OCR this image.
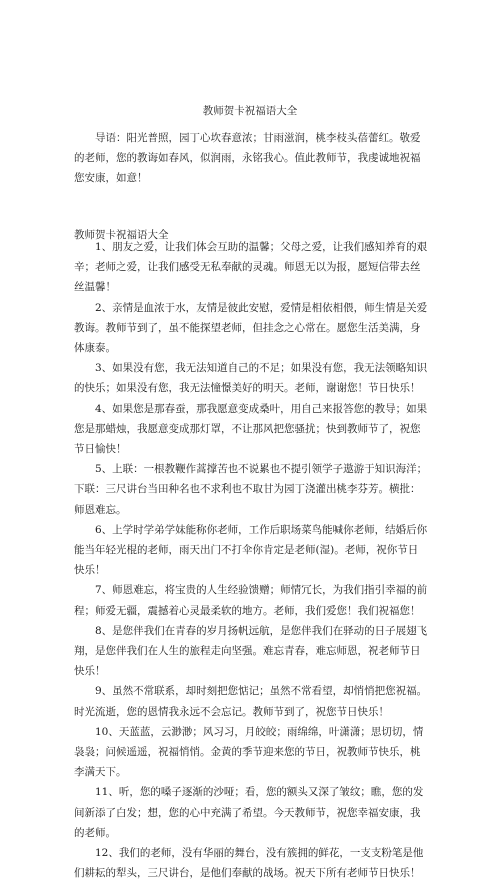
教师贺卡祝福语大全

导语：阳光普照，园丁心坎春意浓；甘雨滋润，桃李枝头蓓蕾红。敬爱的老师，您的教诲如春风，似润雨，永铭我心。值此教师节，我虔诚地祝福您安康，如意！

教师贺卡祝福语大全

1、朋友之爱，让我们体会互助的温馨；父母之爱，让我们感知养育的艰辛；老师之爱，让我们感受无私奉献的灵魂。师恩无以为报，愿短信带去丝丝温馨！

2、亲情是血浓于水，友情是彼此安慰，爱情是相依相偎，师生情是关爱教诲。教师节到了，虽不能探望老师，但挂念之心常在。愿您生活美满，身体康泰。

3、如果没有您，我无法知道自己的不足；如果没有您，我无法领略知识的快乐；如果没有您，我无法憧憬美好的明天。老师，谢谢您！节日快乐！

4、如果您是那春蚕，那我愿意变成桑叶，用自己来报答您的教导；如果您是那蜡烛，我愿意变成那灯罩，不让那风把您骚扰；快到教师节了，祝您节日愉快！

5、上联：一根教鞭作蒿撑苦也不说累也不提引领学子遨游于知识海洋；下联：三尺讲台当田种名也不求利也不取甘为园丁浇灌出桃李芬芳。横批：师恩难忘。

6、上学时学弟学妹能称你老师，工作后职场菜鸟能喊你老师，结婚后你能当年轻光棍的老师，雨天出门不打伞你肯定是老师(湿)。老师，祝你节日快乐！

7、师恩难忘，将宝贵的人生经验馈赠；师情冗长，为我们指引幸福的前程；师爱无疆，震撼着心灵最柔软的地方。老师，我们爱您！我们祝福您！

8、是您伴我们在青春的岁月扬帆远航，是您伴我们在驿动的日子展翅飞翔，是您伴我们在人生的旅程走向坚强。难忘青春，难忘师恩，祝老师节日快乐！

9、虽然不常联系，却时刻把您惦记；虽然不常看望，却悄悄把您祝福。时光流逝，您的恩情我永远不会忘记。教师节到了，祝您节日快乐！

10、天蓝蓝，云渺渺；风习习，月皎皎；雨绵绵，叶潇潇；思切切，情袅袅；问候遥遥，祝福悄悄。金黄的季节迎来您的节日，祝教师节快乐，桃李满天下。

11、听，您的嗓子逐渐的沙哑；看，您的额头又深了皱纹；瞧，您的发间新添了白发；想，您的心中充满了希望。今天教师节，祝您幸福安康，我的老师。

12、我们的老师，没有华丽的舞台，没有簇拥的鲜花，一支支粉笔是他们耕耘的犁头，三尺讲台，是他们奉献的战场。祝天下所有老师节日快乐！
